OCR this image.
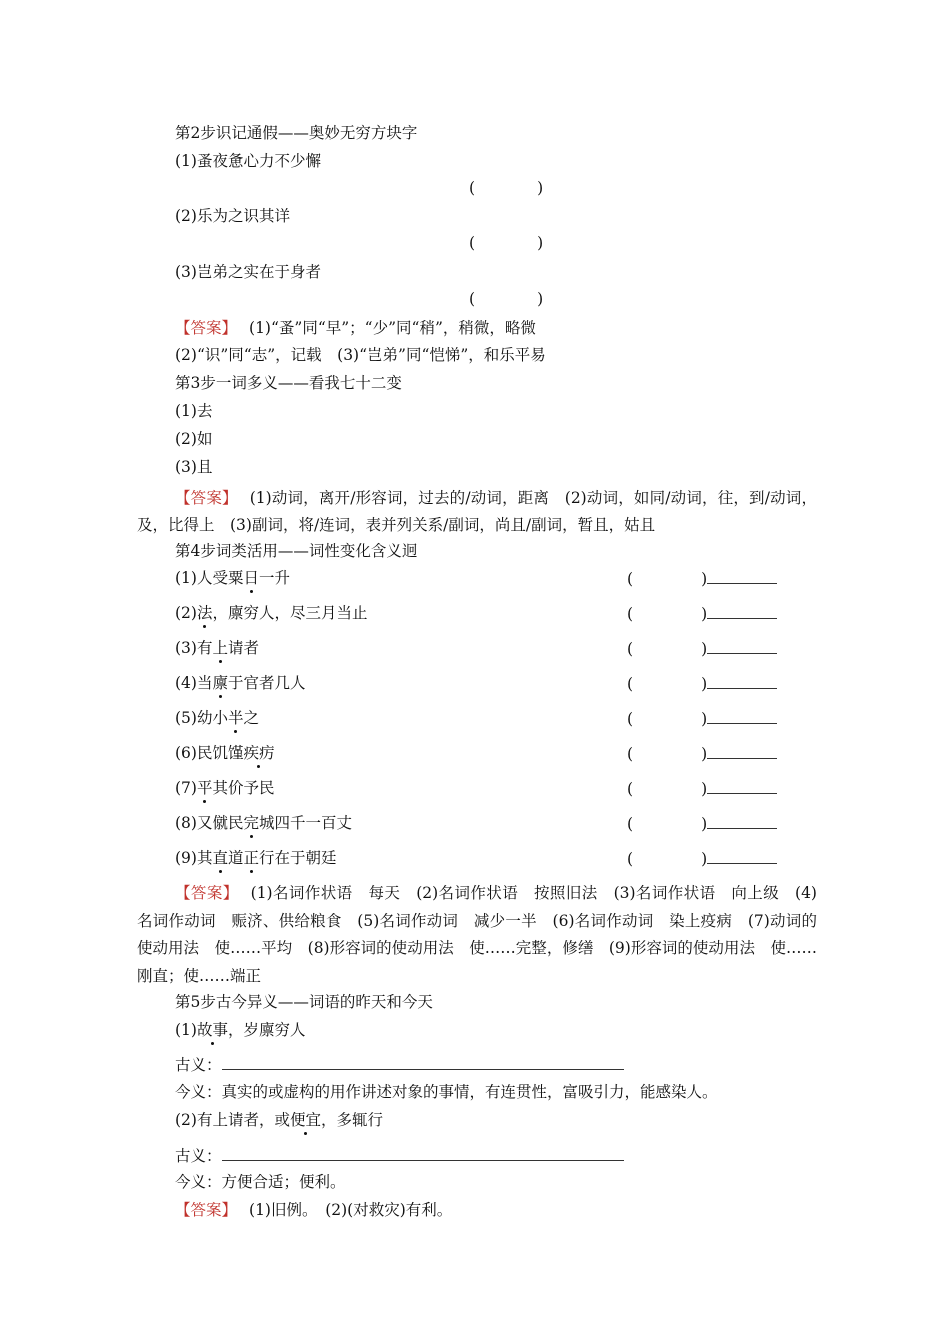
第2步识记通假——奥妙无穷方块字
(1)蚤夜惫心力不少懈
(	)
(2)乐为之识其详
(	)
(3)岂弟之实在于身者
(	)
【答案】 (1)“蚤”同“早”；“少”同“稍”，稍微，略微
(2)“识”同“志”，记载　(3)“岂弟”同“恺悌”，和乐平易
第3步一词多义——看我七十二变
(1)去
(2)如
(3)且
【答案】 (1)动词，离开/形容词，过去的/动词，距离　(2)动词，如同/动词，往，到/动词，及，比得上　(3)副词，将/连词，表并列关系/副词，尚且/副词，暂且，姑且
第4步词类活用——词性变化含义迥
(1)人受粟日一升	(	)
(2)法，廪穷人，尽三月当止	(	)
(3)有上请者	(	)
(4)当廪于官者几人	(	)
(5)幼小半之	(	)
(6)民饥馑疾疠	(	)
(7)平其价予民	(	)
(8)又僦民完城四千一百丈	(	)
(9)其直道正行在于朝廷	(	)
【答案】 (1)名词作状语　每天　(2)名词作状语　按照旧法　(3)名词作状语　向上级　(4)名词作动词　赈济、供给粮食　(5)名词作动词　减少一半　(6)名词作动词　染上疫病　(7)动词的使动用法　使……平均　(8)形容词的使动用法　使……完整，修缮　(9)形容词的使动用法　使……刚直；使……端正
第5步古今异义——词语的昨天和今天
(1)故事，岁廪穷人
古义：
今义：真实的或虚构的用作讲述对象的事情，有连贯性，富吸引力，能感染人。
(2)有上请者，或便宜，多辄行
古义：
今义：方便合适；便利。
【答案】 (1)旧例。　(2)(对救灾)有利。
